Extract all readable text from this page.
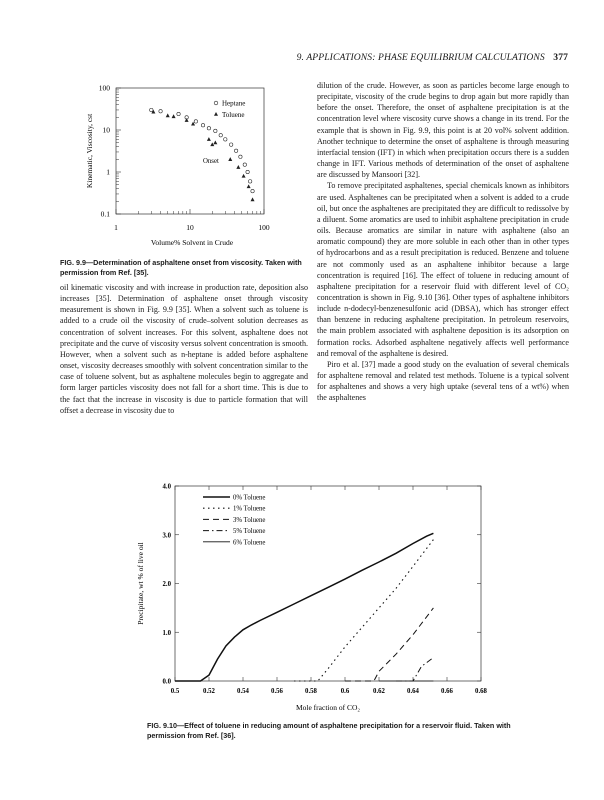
9. APPLICATIONS: PHASE EQUILIBRIUM CALCULATIONS 377
1	10	100
100
10
1
0.1
Volume% Solvent in Crude
Kinematic, Viscosity, cst
Heptane
Toluene
Onset
FIG. 9.9—Determination of asphaltene onset from viscosity. Taken with permission from Ref. [35].

oil kinematic viscosity and with increase in production rate, deposition also increases [35]. Determination of asphaltene onset through viscosity measurement is shown in Fig. 9.9 [35]. When a solvent such as toluene is added to a crude oil the viscosity of crude–solvent solution decreases as concentration of solvent increases. For this solvent, asphaltene does not precipitate and the curve of viscosity versus solvent concentration is smooth. However, when a solvent such as n-heptane is added before asphaltene onset, viscosity decreases smoothly with solvent concentration similar to the case of toluene solvent, but as asphaltene molecules begin to aggregate and form larger particles viscosity does not fall for a short time. This is due to the fact that the increase in viscosity is due to particle formation that will offset a decrease in viscosity due to

dilution of the crude. However, as soon as particles become large enough to precipitate, viscosity of the crude begins to drop again but more rapidly than before the onset. Therefore, the onset of asphaltene precipitation is at the concentration level where viscosity curve shows a change in its trend. For the example that is shown in Fig. 9.9, this point is at 20 vol% solvent addition. Another technique to determine the onset of asphaltene is through measuring interfacial tension (IFT) in which when precipitation occurs there is a sudden change in IFT. Various methods of determination of the onset of asphaltene are discussed by Mansoori [32].

To remove precipitated asphaltenes, special chemicals known as inhibitors are used. Asphaltenes can be precipitated when a solvent is added to a crude oil, but once the asphaltenes are precipitated they are difficult to redissolve by a diluent. Some aromatics are used to inhibit asphaltene precipitation in crude oils. Because aromatics are similar in nature with asphaltene (also an aromatic compound) they are more soluble in each other than in other types of hydrocarbons and as a result precipitation is reduced. Benzene and toluene are not commonly used as an asphaltene inhibitor because a large concentration is required [16]. The effect of toluene in reducing amount of asphaltene precipitation for a reservoir fluid with different level of CO₂ concentration is shown in Fig. 9.10 [36]. Other types of asphaltene inhibitors include n-dodecyl-benzenesulfonic acid (DBSA), which has stronger effect than benzene in reducing asphaltene precipitation. In petroleum reservoirs, the main problem associated with asphaltene deposition is its adsorption on formation rocks. Adsorbed asphaltene negatively affects well performance and removal of the asphaltene is desired.

Piro et al. [37] made a good study on the evaluation of several chemicals for asphaltene removal and related test methods. Toluene is a typical solvent for asphaltenes and shows a very high uptake (several tens of a wt%) when the asphaltenes

0.5	0.52	0.54	0.56	0.58	0.6	0.62	0.64	0.66	0.68
4.0
3.0
2.0
1.0
0.0
Mole fraction of CO₂
Precipitate, wt % of live oil
0% Toluene
1% Toluene
3% Toluene
5% Toluene
6% Toluene
FIG. 9.10—Effect of toluene in reducing amount of asphaltene precipitation for a reservoir fluid. Taken with permission from Ref. [36].
